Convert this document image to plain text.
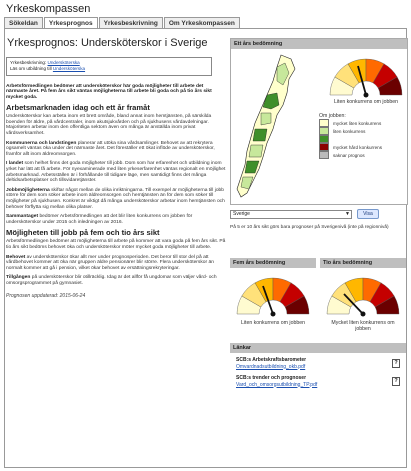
Yrkeskompassen
Sökeldan	Yrkesprognos	Yrkesbeskrivning	Om Yrkeskompassen
Yrkesprognos: Undersköterskor i Sverige
Yrkesbeskrivning: Undersköterska
Läs om utbildning till Undersköterska

Arbetsförmedlingen bedömer att undersköterskor här goda möjligheter till arbete det närmaste året. På fem års sikt väntas möjligheterna till arbete bli goda och på tio års sikt mycket goda.

Arbetsmarknaden idag och ett år framåt

Undersköterskor kan arbeta inom ett brett område, bland annat inom hemtjänsten, på särskilda boenden för äldre, på vårdcentraler, inom akutsjukvården och på sjukhusens vårdavdelningar. Majoriteten arbetar inom den offentliga sektorn även om många är anställda inom privat vårdsverksamhet.

Kommunerna och landstingen planerar att utöka sina vårdsamlinger. Behovet av att rekrytera ogsamelt väntas öka under det närmaste året. Det föreställer ett ökat inflöde av undersköterskor, framför allt inom äldreomsorgen.

I landet som helhet finns det goda möjligheter till jobb. Dom som har erfarenhet och utbildning inom yrket har lätt att få arbete. För nyexaminerade med liten yrkeserfarenhet väntas regionalt en möjlighet arbetsmarknad. Arbetsställen är i förhållande till tidigare läge, men samtidigt finns det många deltidsarbetsplatser och tillsvidaretjänster.

Jobbmöjligheterna skiftar något mellan de olika inriktningarna. Till exempel är möjligheterna till jobb större för dem som söker arbete inom äldreomsorgen och hemtjänsten än för dem som söker till möjligheter på sjukhusen. Konkret är viktigt då många undersköterskor arbetar inom hemtjänsten och behöver förflytta sig mellan olika platser.

Sammantaget bedömer Arbetsförmedlingen att det blir liten konkurrens om jobben för undersköterskor under 2015 och inledningen av 2016.

Möjligheten till jobb på fem och tio års sikt

Arbetsförmedlingen bedömer att möjligheterna till arbete på kommer att vara goda på fem års sikt. På tio års sikt bedöms behovet öka och undersköterskor möter mycket goda möjligheter till arbete.

Behovet av undersköterskor ökar allt mer under prognosperioden. Det beror till stor del på att vårdbehovet kommer att öka när gruppen äldre pensionärer blir större. Flera undersköterskor än normalt kommer att gå i pension, vilket ökar behovet av ersättningsrekryteringar.

Tillgången på undersköterskor blir otillräcklig. Idag är det allför få ungdomar som väljer vård- och omsorgsprogrammet på gymnasiet.

Prognosen uppdaterad: 2015-06-24
Ett års bedömning
Liten konkurrens om jobben
Om jobben:
mycket liten konkurrens
liten konkurrens
mycket hård konkurrens
saknar prognos
Sverige	▼	Visa
På 5 er 10 års sikt görs bara prognoser på Sverigenivå (inte på regionnivå)
Fem års bedömning
Liten konkurrens om jobben
Tio års bedömning
Mycket liten konkurrens om jobben
Länkar
SCB:s Arbetskraftsbarometer
Omvardnadsutbildning_okb.pdf
?
SCB:s trender och prognoser
Vard_och_omsorgsutbildning_TP.pdf
?
